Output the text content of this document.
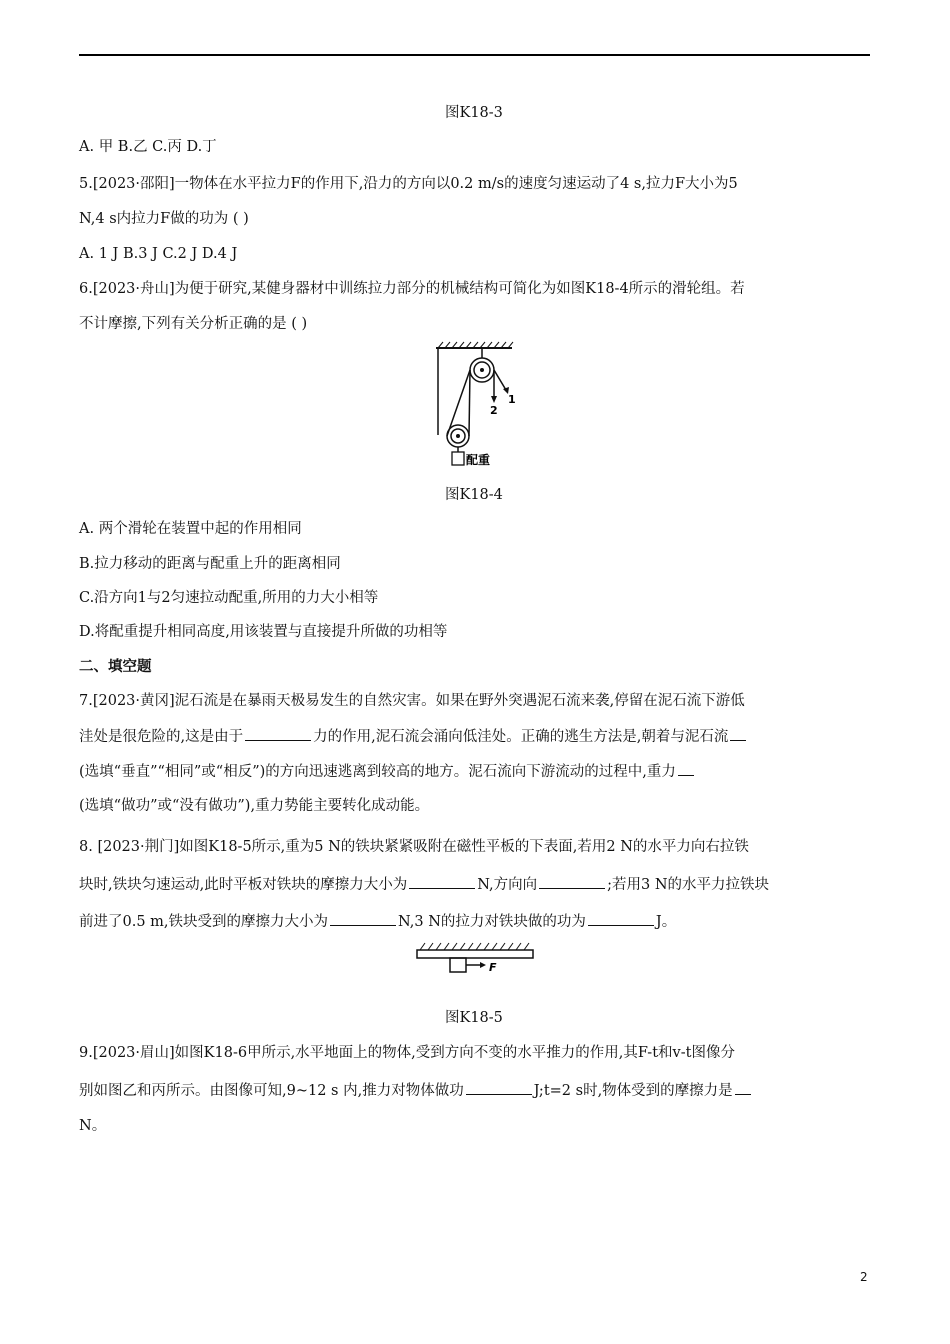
图K18-3
A. 甲 B.乙 C.丙 D.丁
5.[2023·邵阳]一物体在水平拉力F的作用下,沿力的方向以0.2 m/s的速度匀速运动了4 s,拉力F大小为5
N,4 s内拉力F做的功为 ( )
A. 1 J B.3 J C.2 J D.4 J
6.[2023·舟山]为便于研究,某健身器材中训练拉力部分的机械结构可简化为如图K18-4所示的滑轮组。若
不计摩擦,下列有关分析正确的是 ( )
1
2
配重
图K18-4
A. 两个滑轮在装置中起的作用相同
B.拉力移动的距离与配重上升的距离相同
C.沿方向1与2匀速拉动配重,所用的力大小相等
D.将配重提升相同高度,用该装置与直接提升所做的功相等
二、填空题
7.[2023·黄冈]泥石流是在暴雨天极易发生的自然灾害。如果在野外突遇泥石流来袭,停留在泥石流下游低
洼处是很危险的,这是由于	力的作用,泥石流会涌向低洼处。正确的逃生方法是,朝着与泥石流
(选填“垂直”“相同”或“相反”)的方向迅速逃离到较高的地方。泥石流向下游流动的过程中,重力
(选填“做功”或“没有做功”),重力势能主要转化成动能。
8. [2023·荆门]如图K18-5所示,重为5 N的铁块紧紧吸附在磁性平板的下表面,若用2 N的水平力向右拉铁
块时,铁块匀速运动,此时平板对铁块的摩擦力大小为	N,方向向	;若用3 N的水平力拉铁块
前进了0.5 m,铁块受到的摩擦力大小为	N,3 N的拉力对铁块做的功为	J。
F
图K18-5
9.[2023·眉山]如图K18-6甲所示,水平地面上的物体,受到方向不变的水平推力的作用,其F-t和v-t图像分
别如图乙和丙所示。由图像可知,9~12 s 内,推力对物体做功	J;t=2 s时,物体受到的摩擦力是
N。
2
